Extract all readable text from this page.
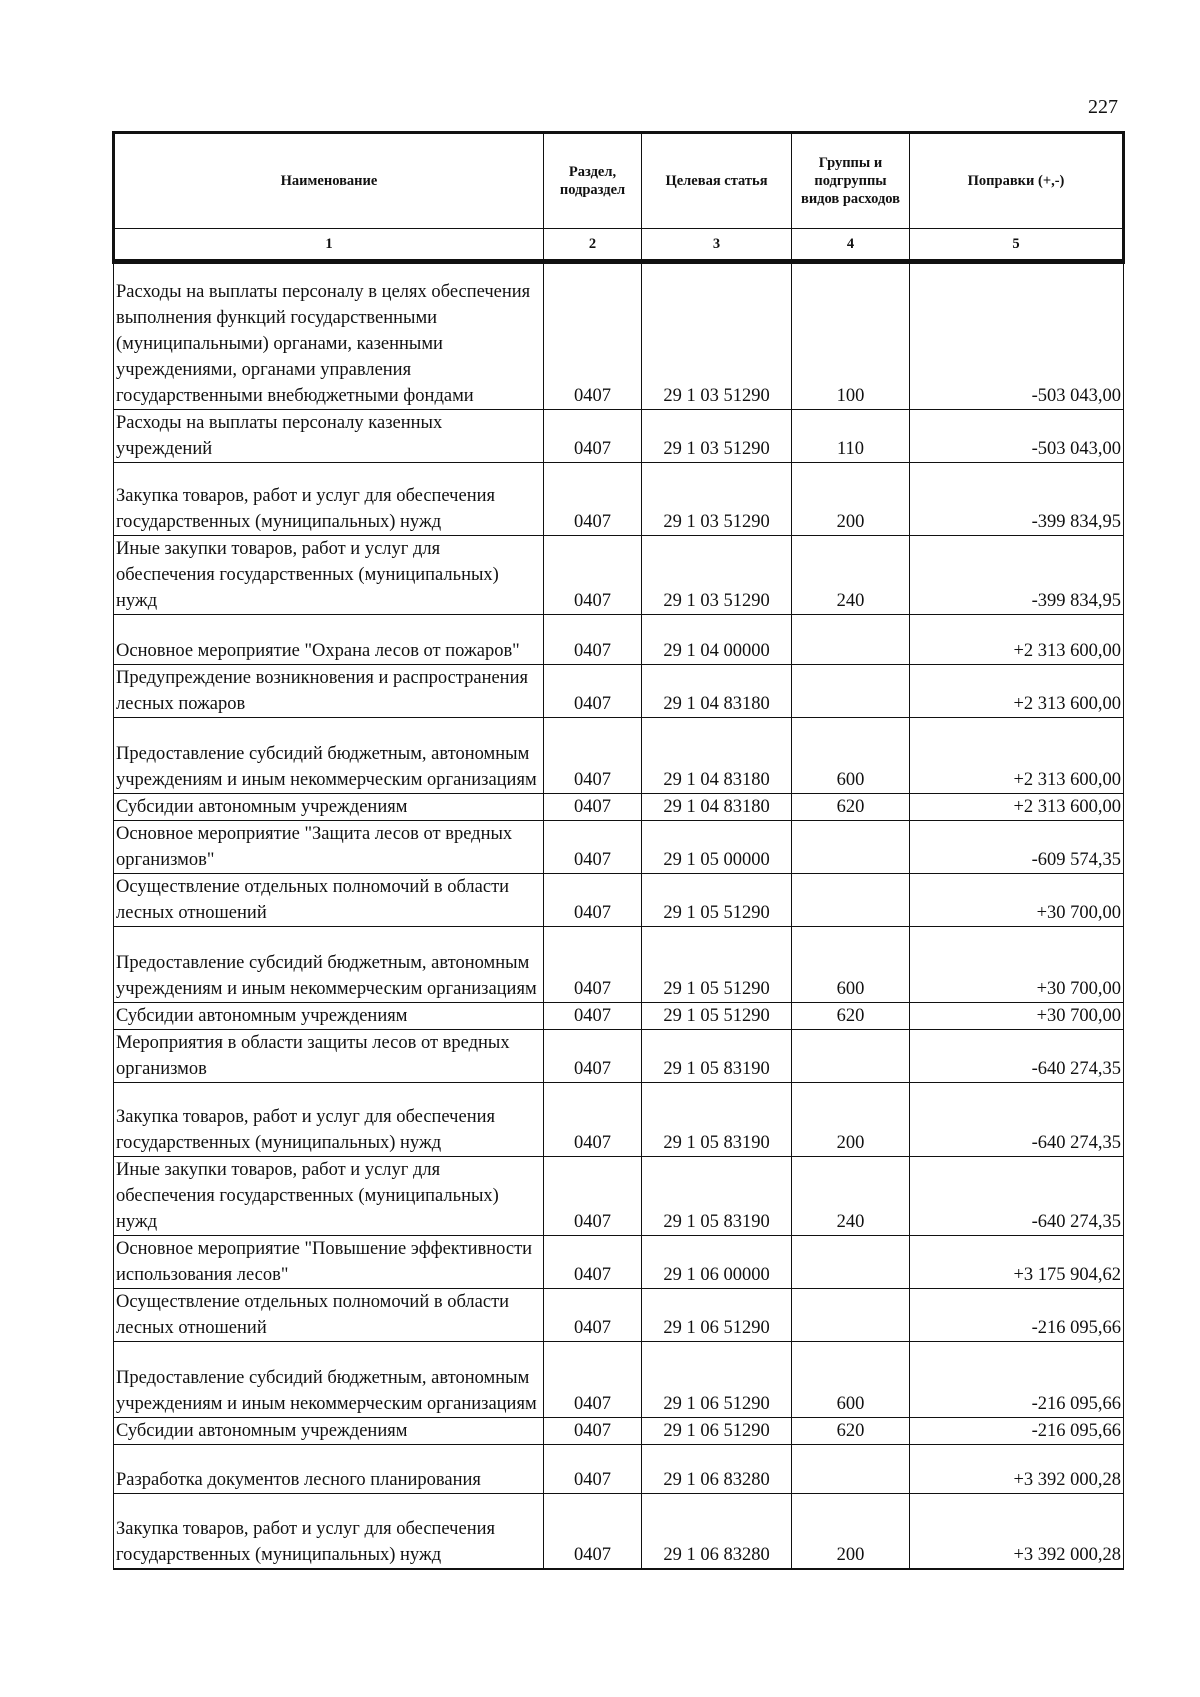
227
Наименование	Раздел, подраздел	Целевая статья	Группы и подгруппы видов расходов	Поправки (+,-)
1	2	3	4	5
Расходы на выплаты персоналу в целях обеспечения выполнения функций государственными (муниципальными) органами, казенными учреждениями, органами управления государственными внебюджетными фондами	0407	29 1 03 51290	100	-503 043,00
Расходы на выплаты персоналу казенных учреждений	0407	29 1 03 51290	110	-503 043,00
Закупка товаров, работ и услуг для обеспечения государственных (муниципальных) нужд	0407	29 1 03 51290	200	-399 834,95
Иные закупки товаров, работ и услуг для обеспечения государственных (муниципальных) нужд	0407	29 1 03 51290	240	-399 834,95
Основное мероприятие "Охрана лесов от пожаров"	0407	29 1 04 00000		+2 313 600,00
Предупреждение возникновения и распространения лесных пожаров	0407	29 1 04 83180		+2 313 600,00
Предоставление субсидий бюджетным, автономным учреждениям и иным некоммерческим организациям	0407	29 1 04 83180	600	+2 313 600,00
Субсидии автономным учреждениям	0407	29 1 04 83180	620	+2 313 600,00
Основное мероприятие "Защита лесов от вредных организмов"	0407	29 1 05 00000		-609 574,35
Осуществление отдельных полномочий в области лесных отношений	0407	29 1 05 51290		+30 700,00
Предоставление субсидий бюджетным, автономным учреждениям и иным некоммерческим организациям	0407	29 1 05 51290	600	+30 700,00
Субсидии автономным учреждениям	0407	29 1 05 51290	620	+30 700,00
Мероприятия в области защиты лесов от вредных организмов	0407	29 1 05 83190		-640 274,35
Закупка товаров, работ и услуг для обеспечения государственных (муниципальных) нужд	0407	29 1 05 83190	200	-640 274,35
Иные закупки товаров, работ и услуг для обеспечения государственных (муниципальных) нужд	0407	29 1 05 83190	240	-640 274,35
Основное мероприятие "Повышение эффективности использования лесов"	0407	29 1 06 00000		+3 175 904,62
Осуществление отдельных полномочий в области лесных отношений	0407	29 1 06 51290		-216 095,66
Предоставление субсидий бюджетным, автономным учреждениям и иным некоммерческим организациям	0407	29 1 06 51290	600	-216 095,66
Субсидии автономным учреждениям	0407	29 1 06 51290	620	-216 095,66
Разработка документов лесного планирования	0407	29 1 06 83280		+3 392 000,28
Закупка товаров, работ и услуг для обеспечения государственных (муниципальных) нужд	0407	29 1 06 83280	200	+3 392 000,28
